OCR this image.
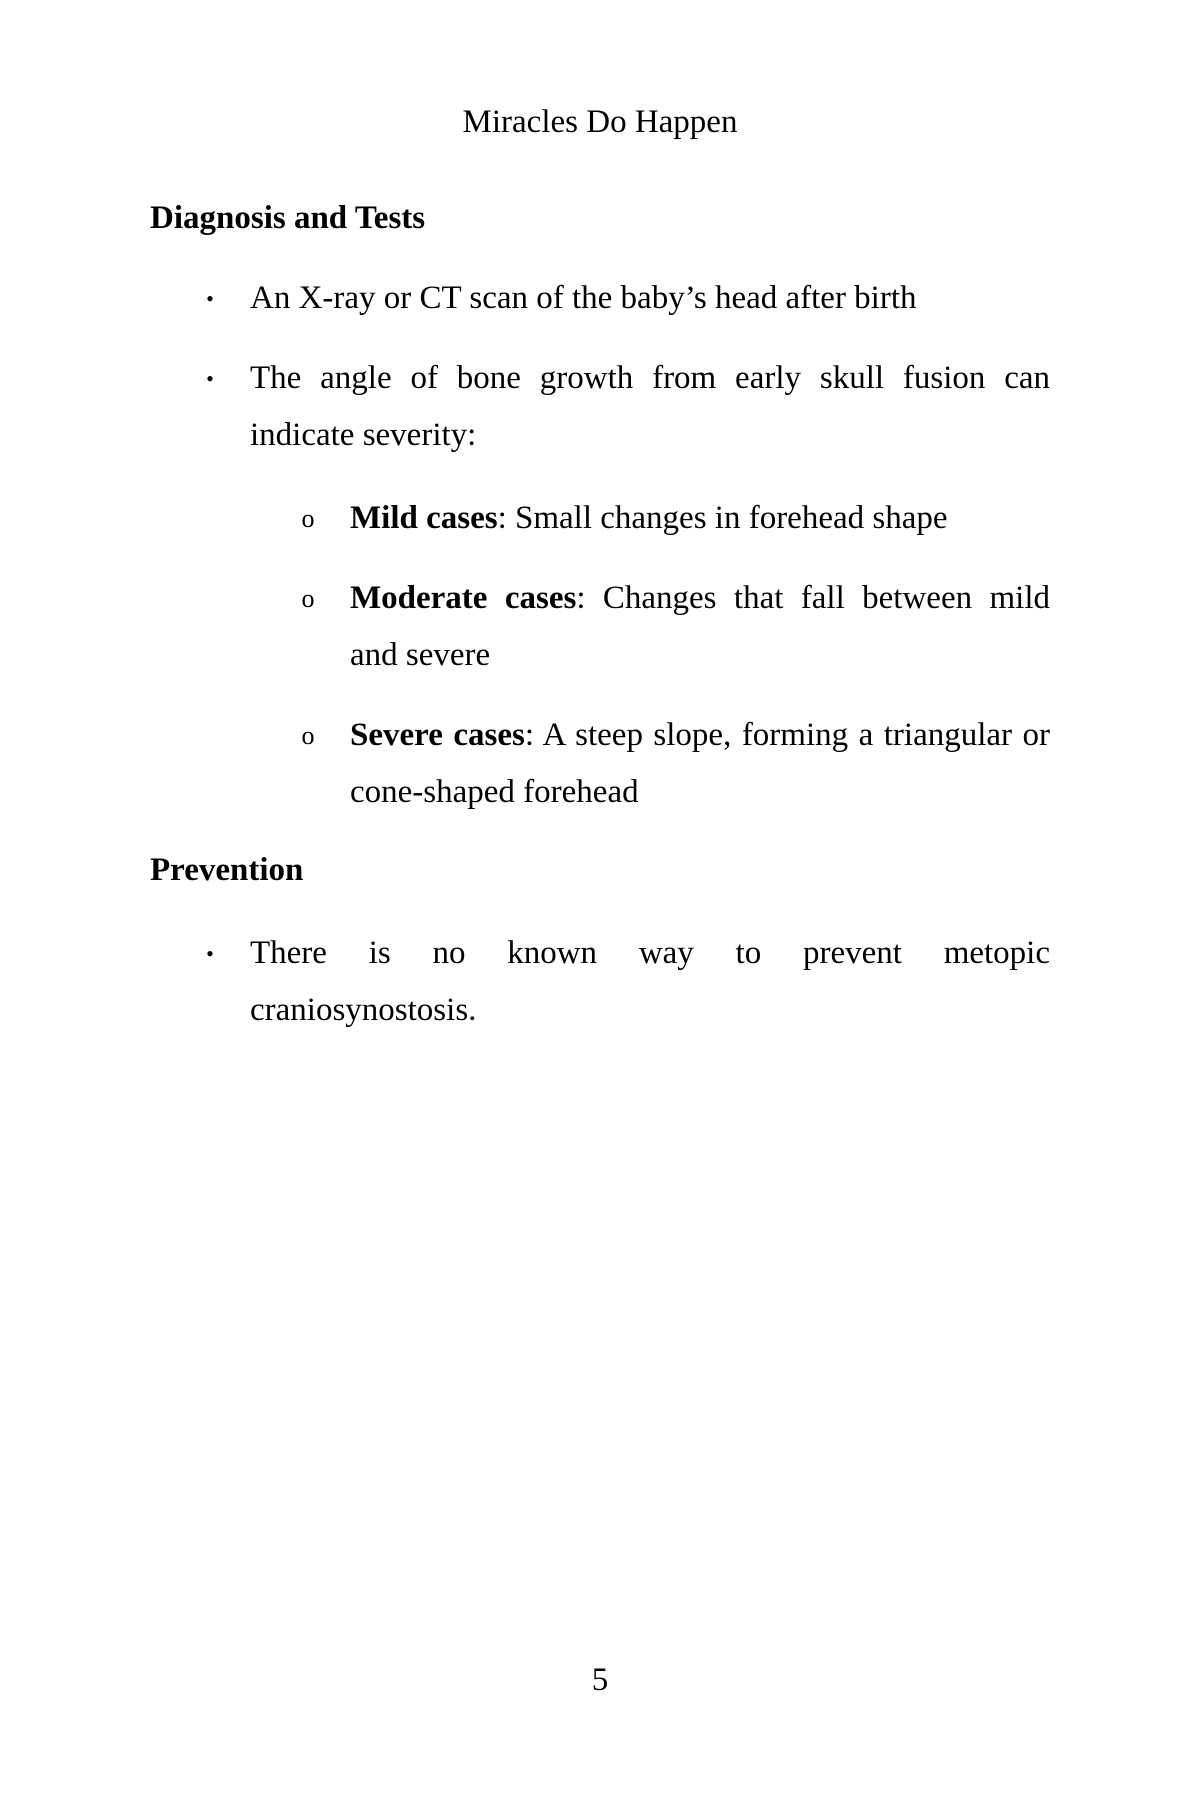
Miracles Do Happen
Diagnosis and Tests
• An X-ray or CT scan of the baby’s head after birth
• The angle of bone growth from early skull fusion can indicate severity:
o Mild cases: Small changes in forehead shape
o Moderate cases: Changes that fall between mild and severe
o Severe cases: A steep slope, forming a triangular or cone-shaped forehead
Prevention
• There is no known way to prevent metopic craniosynostosis.
5
